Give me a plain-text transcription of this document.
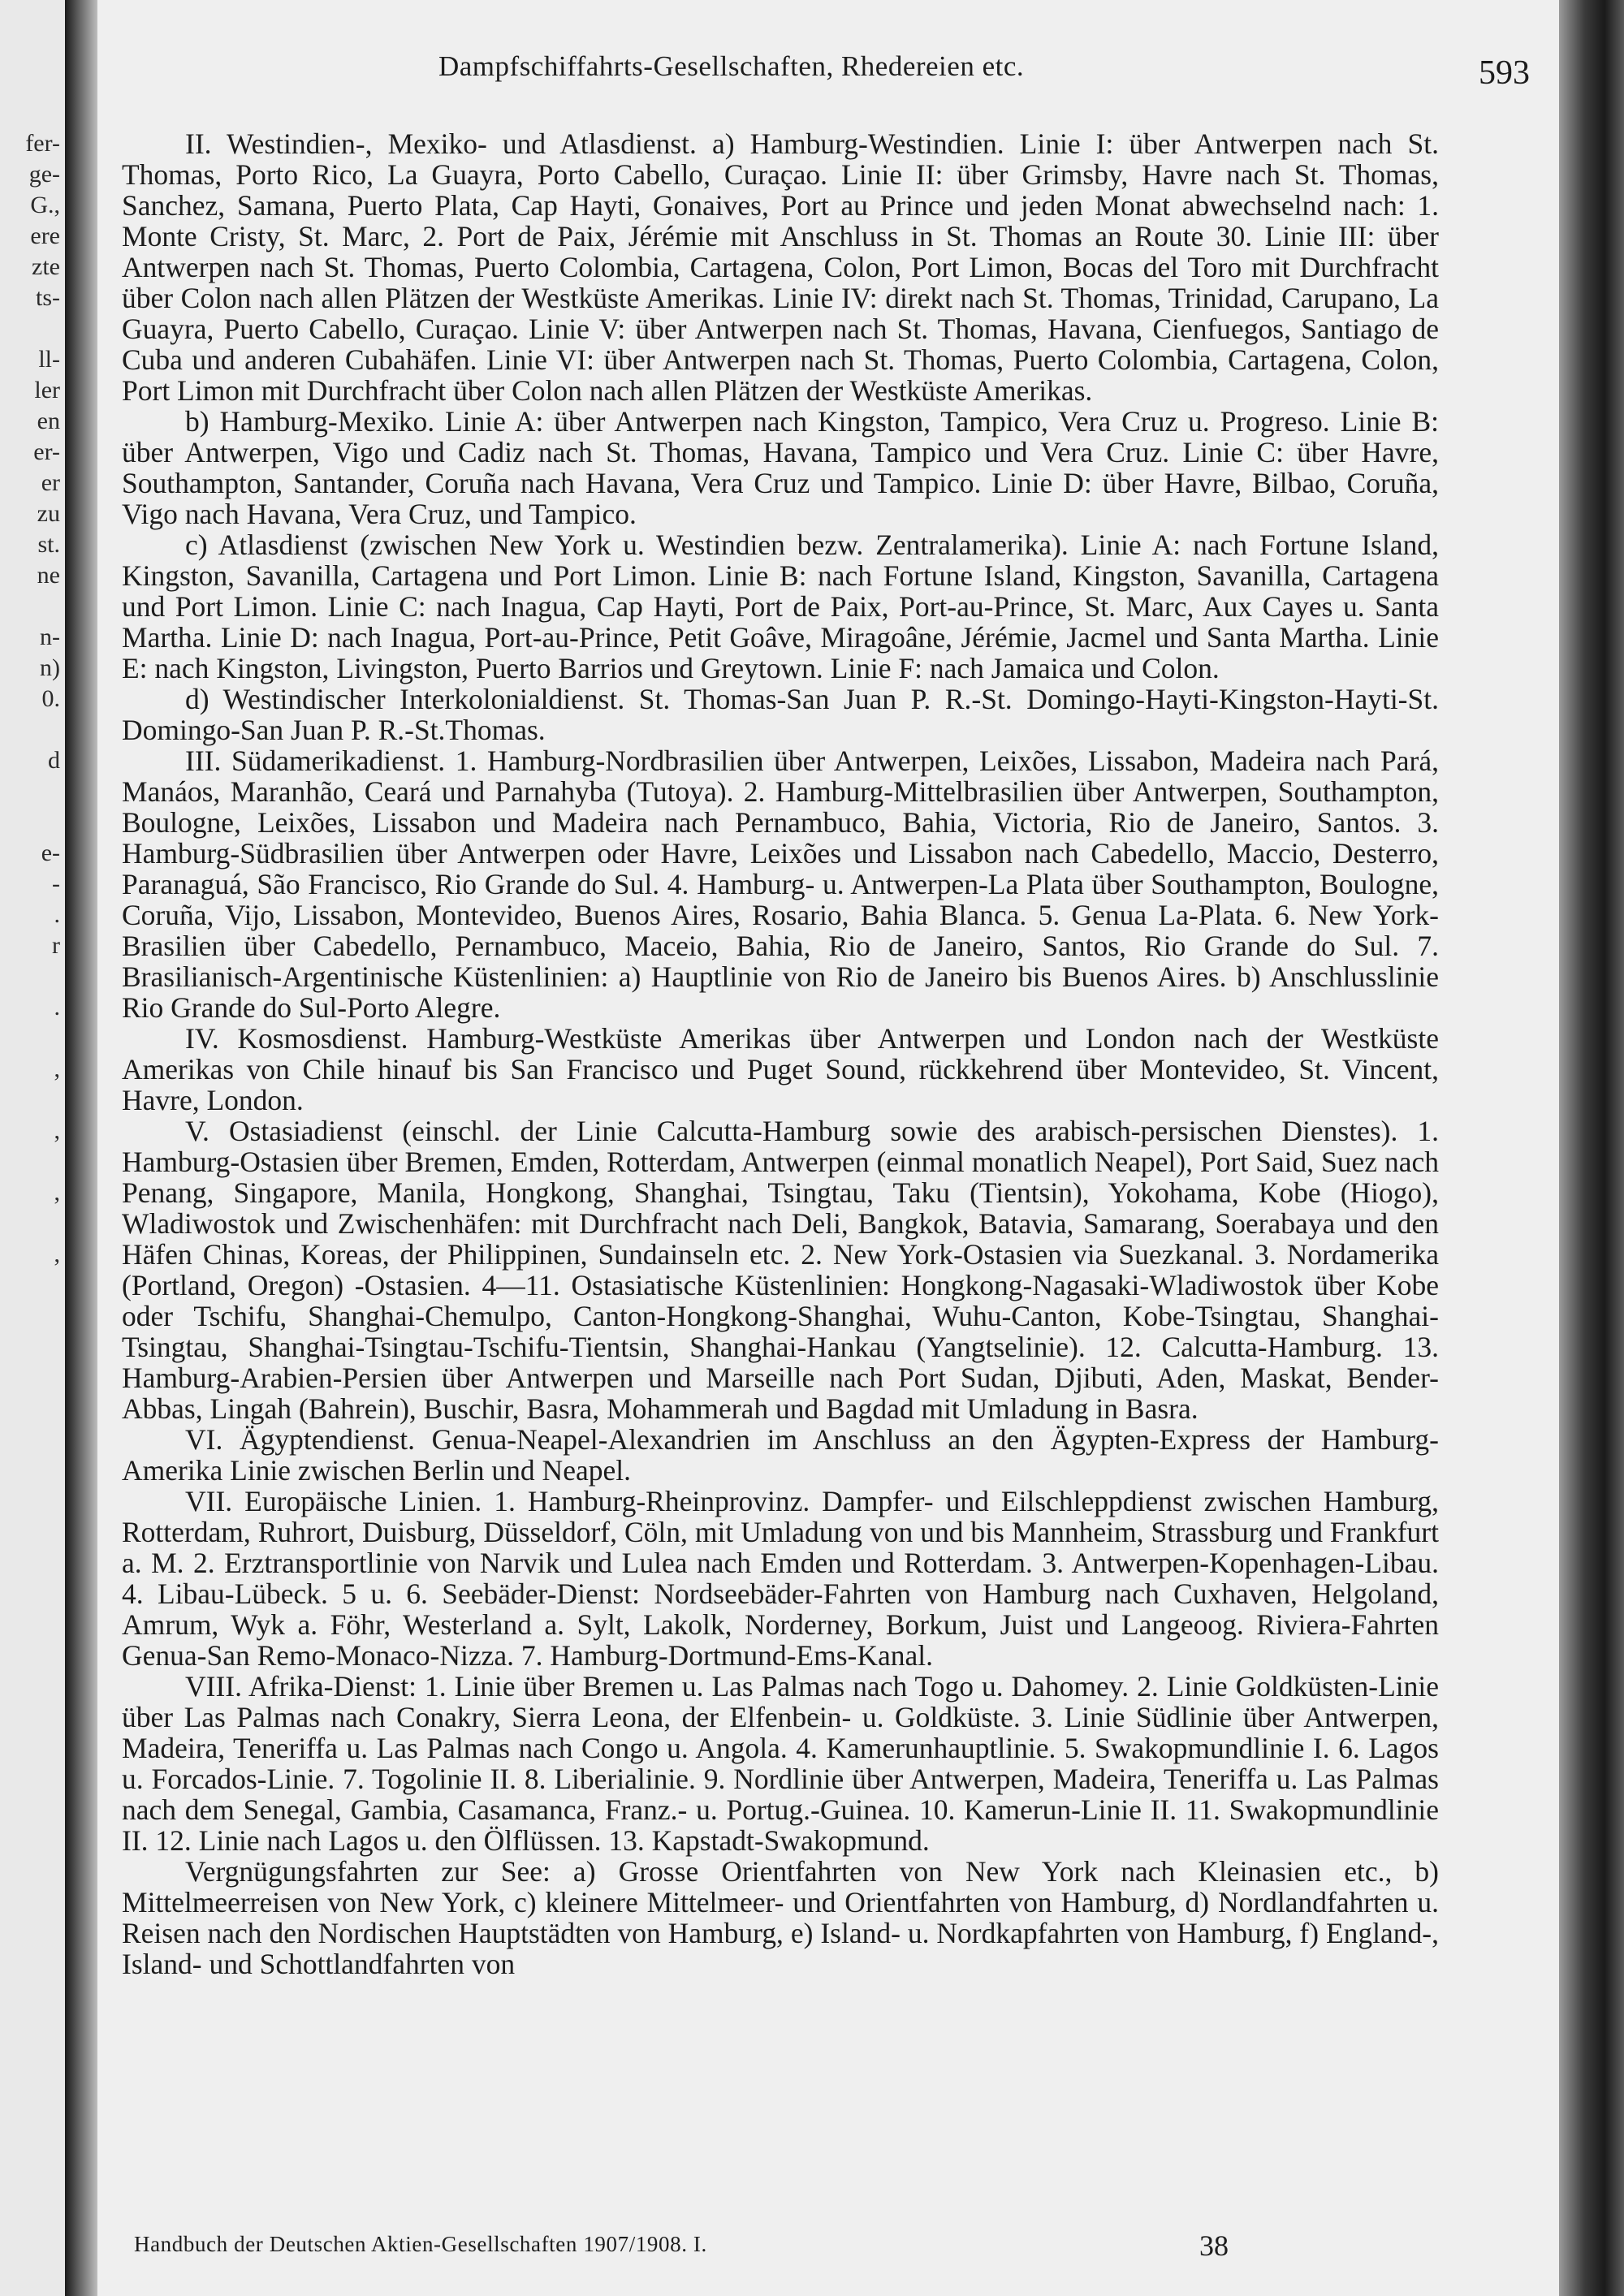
fer-
ge-
G.,
ere
zte
ts-
ll-
ler
en
er-
er
zu
st.
ne
n-
n)
0.
d
e-
-
.
r
.
,
,
,
,
Dampfschiffahrts-Gesellschaften, Rhedereien etc.	593

II. Westindien-, Mexiko- und Atlasdienst. a) Hamburg-Westindien. Linie I: über Antwerpen nach St. Thomas, Porto Rico, La Guayra, Porto Cabello, Curaçao. Linie II: über Grimsby, Havre nach St. Thomas, Sanchez, Samana, Puerto Plata, Cap Hayti, Gonaives, Port au Prince und jeden Monat abwechselnd nach: 1. Monte Cristy, St. Marc, 2. Port de Paix, Jérémie mit Anschluss in St. Thomas an Route 30. Linie III: über Antwerpen nach St. Thomas, Puerto Colombia, Cartagena, Colon, Port Limon, Bocas del Toro mit Durchfracht über Colon nach allen Plätzen der Westküste Amerikas. Linie IV: direkt nach St. Thomas, Trinidad, Carupano, La Guayra, Puerto Cabello, Curaçao. Linie V: über Antwerpen nach St. Thomas, Havana, Cienfuegos, Santiago de Cuba und anderen Cubahäfen. Linie VI: über Antwerpen nach St. Thomas, Puerto Colombia, Cartagena, Colon, Port Limon mit Durchfracht über Colon nach allen Plätzen der Westküste Amerikas.

b) Hamburg-Mexiko. Linie A: über Antwerpen nach Kingston, Tampico, Vera Cruz u. Progreso. Linie B: über Antwerpen, Vigo und Cadiz nach St. Thomas, Havana, Tampico und Vera Cruz. Linie C: über Havre, Southampton, Santander, Coruña nach Havana, Vera Cruz und Tampico. Linie D: über Havre, Bilbao, Coruña, Vigo nach Havana, Vera Cruz, und Tampico.

c) Atlasdienst (zwischen New York u. Westindien bezw. Zentralamerika). Linie A: nach Fortune Island, Kingston, Savanilla, Cartagena und Port Limon. Linie B: nach Fortune Island, Kingston, Savanilla, Cartagena und Port Limon. Linie C: nach Inagua, Cap Hayti, Port de Paix, Port-au-Prince, St. Marc, Aux Cayes u. Santa Martha. Linie D: nach Inagua, Port-au-Prince, Petit Goâve, Miragoâne, Jérémie, Jacmel und Santa Martha. Linie E: nach Kingston, Livingston, Puerto Barrios und Greytown. Linie F: nach Jamaica und Colon.

d) Westindischer Interkolonialdienst. St. Thomas-San Juan P. R.-St. Domingo-Hayti-Kingston-Hayti-St. Domingo-San Juan P. R.-St.Thomas.

III. Südamerikadienst. 1. Hamburg-Nordbrasilien über Antwerpen, Leixões, Lissabon, Madeira nach Pará, Manáos, Maranhão, Ceará und Parnahyba (Tutoya). 2. Hamburg-Mittelbrasilien über Antwerpen, Southampton, Boulogne, Leixões, Lissabon und Madeira nach Pernambuco, Bahia, Victoria, Rio de Janeiro, Santos. 3. Hamburg-Südbrasilien über Antwerpen oder Havre, Leixões und Lissabon nach Cabedello, Maccio, Desterro, Paranaguá, São Francisco, Rio Grande do Sul. 4. Hamburg- u. Antwerpen-La Plata über Southampton, Boulogne, Coruña, Vijo, Lissabon, Montevideo, Buenos Aires, Rosario, Bahia Blanca. 5. Genua La-Plata. 6. New York-Brasilien über Cabedello, Pernambuco, Maceio, Bahia, Rio de Janeiro, Santos, Rio Grande do Sul. 7. Brasilianisch-Argentinische Küstenlinien: a) Hauptlinie von Rio de Janeiro bis Buenos Aires. b) Anschlusslinie Rio Grande do Sul-Porto Alegre.

IV. Kosmosdienst. Hamburg-Westküste Amerikas über Antwerpen und London nach der Westküste Amerikas von Chile hinauf bis San Francisco und Puget Sound, rückkehrend über Montevideo, St. Vincent, Havre, London.

V. Ostasiadienst (einschl. der Linie Calcutta-Hamburg sowie des arabisch-persischen Dienstes). 1. Hamburg-Ostasien über Bremen, Emden, Rotterdam, Antwerpen (einmal monatlich Neapel), Port Said, Suez nach Penang, Singapore, Manila, Hongkong, Shanghai, Tsingtau, Taku (Tientsin), Yokohama, Kobe (Hiogo), Wladiwostok und Zwischenhäfen: mit Durchfracht nach Deli, Bangkok, Batavia, Samarang, Soerabaya und den Häfen Chinas, Koreas, der Philippinen, Sundainseln etc. 2. New York-Ostasien via Suezkanal. 3. Nordamerika (Portland, Oregon) -Ostasien. 4—11. Ostasiatische Küstenlinien: Hongkong-Nagasaki-Wladiwostok über Kobe oder Tschifu, Shanghai-Chemulpo, Canton-Hongkong-Shanghai, Wuhu-Canton, Kobe-Tsingtau, Shanghai-Tsingtau, Shanghai-Tsingtau-Tschifu-Tientsin, Shanghai-Hankau (Yangtselinie). 12. Calcutta-Hamburg. 13. Hamburg-Arabien-Persien über Antwerpen und Marseille nach Port Sudan, Djibuti, Aden, Maskat, Bender-Abbas, Lingah (Bahrein), Buschir, Basra, Mohammerah und Bagdad mit Umladung in Basra.

VI. Ägyptendienst. Genua-Neapel-Alexandrien im Anschluss an den Ägypten-Express der Hamburg-Amerika Linie zwischen Berlin und Neapel.

VII. Europäische Linien. 1. Hamburg-Rheinprovinz. Dampfer- und Eilschleppdienst zwischen Hamburg, Rotterdam, Ruhrort, Duisburg, Düsseldorf, Cöln, mit Umladung von und bis Mannheim, Strassburg und Frankfurt a. M. 2. Erztransportlinie von Narvik und Lulea nach Emden und Rotterdam. 3. Antwerpen-Kopenhagen-Libau. 4. Libau-Lübeck. 5 u. 6. Seebäder-Dienst: Nordseebäder-Fahrten von Hamburg nach Cuxhaven, Helgoland, Amrum, Wyk a. Föhr, Westerland a. Sylt, Lakolk, Norderney, Borkum, Juist und Langeoog. Riviera-Fahrten Genua-San Remo-Monaco-Nizza. 7. Hamburg-Dortmund-Ems-Kanal.

VIII. Afrika-Dienst: 1. Linie über Bremen u. Las Palmas nach Togo u. Dahomey. 2. Linie Goldküsten-Linie über Las Palmas nach Conakry, Sierra Leona, der Elfenbein- u. Goldküste. 3. Linie Südlinie über Antwerpen, Madeira, Teneriffa u. Las Palmas nach Congo u. Angola. 4. Kamerunhauptlinie. 5. Swakopmundlinie I. 6. Lagos u. Forcados-Linie. 7. Togolinie II. 8. Liberialinie. 9. Nordlinie über Antwerpen, Madeira, Teneriffa u. Las Palmas nach dem Senegal, Gambia, Casamanca, Franz.- u. Portug.-Guinea. 10. Kamerun-Linie II. 11. Swakopmundlinie II. 12. Linie nach Lagos u. den Ölflüssen. 13. Kapstadt-Swakopmund.

Vergnügungsfahrten zur See: a) Grosse Orientfahrten von New York nach Kleinasien etc., b) Mittelmeerreisen von New York, c) kleinere Mittelmeer- und Orientfahrten von Hamburg, d) Nordlandfahrten u. Reisen nach den Nordischen Hauptstädten von Hamburg, e) Island- u. Nordkapfahrten von Hamburg, f) England-, Island- und Schottlandfahrten von

Handbuch der Deutschen Aktien-Gesellschaften 1907/1908. I.	38
